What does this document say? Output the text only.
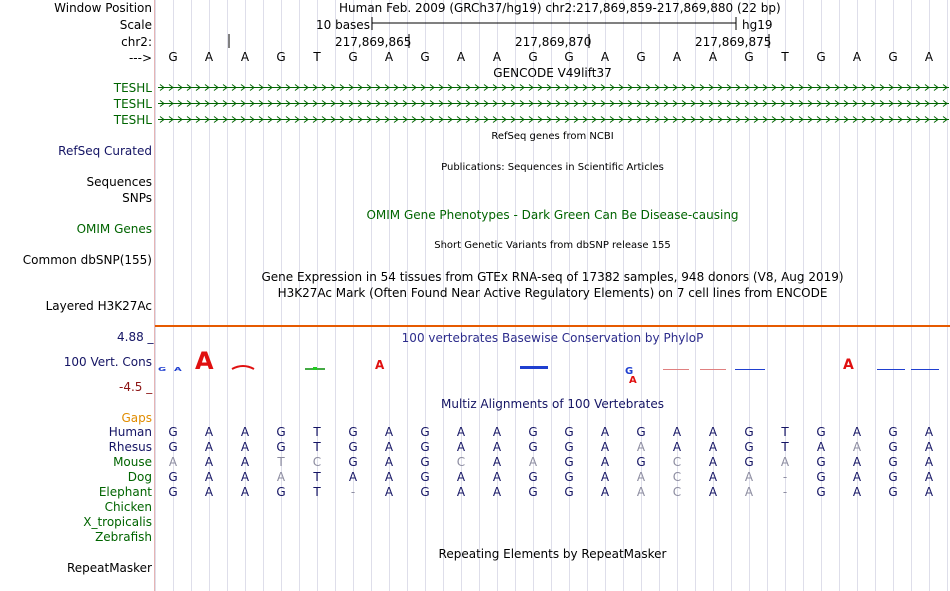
Window Position	Human Feb. 2009 (GRCh37/hg19) chr2:217,869,859-217,869,880 (22 bp)
Scale	10 bases	hg19
chr2:	217,869,865	217,869,870	217,869,875
--->	G	A	A	G	T	G	A	G	A	A	G	G	A	G	A	A	G	T	G	A	G	A
GENCODE V49lift37
TESHL
TESHL
TESHL
RefSeq genes from NCBI
RefSeq Curated
Publications: Sequences in Scientific Articles
Sequences
SNPs
OMIM Gene Phenotypes - Dark Green Can Be Disease-causing
OMIM Genes
Short Genetic Variants from dbSNP release 155
Common dbSNP(155)
Gene Expression in 54 tissues from GTEx RNA-seq of 17382 samples, 948 donors (V8, Aug 2019)
H3K27Ac Mark (Often Found Near Active Regulatory Elements) on 7 cell lines from ENCODE
Layered H3K27Ac
100 vertebrates Basewise Conservation by PhyloP
4.88 _
100 Vert. Cons
-4.5 _
G A A	A	G
A
A
Multiz Alignments of 100 Vertebrates
Gaps
Human	G	A	A	G	T	G	A	G	A	A	G	G	A	G	A	A	G	T	G	A	G	A
Rhesus	G	A	A	G	T	G	A	G	A	A	G	G	A	A	A	A	G	T	A	A	G	A
Mouse	A	A	A	T	C	G	A	G	C	A	A	G	A	G	C	A	G	A	G	A	G	A
Dog	G	A	A	A	T	A	A	G	A	A	G	G	A	A	C	A	A	-	G	A	G	A
Elephant	G	A	A	G	T	-	A	G	A	A	G	G	A	A	C	A	A	-	G	A	G	A
Chicken
X_tropicalis
Zebrafish
Repeating Elements by RepeatMasker
RepeatMasker
